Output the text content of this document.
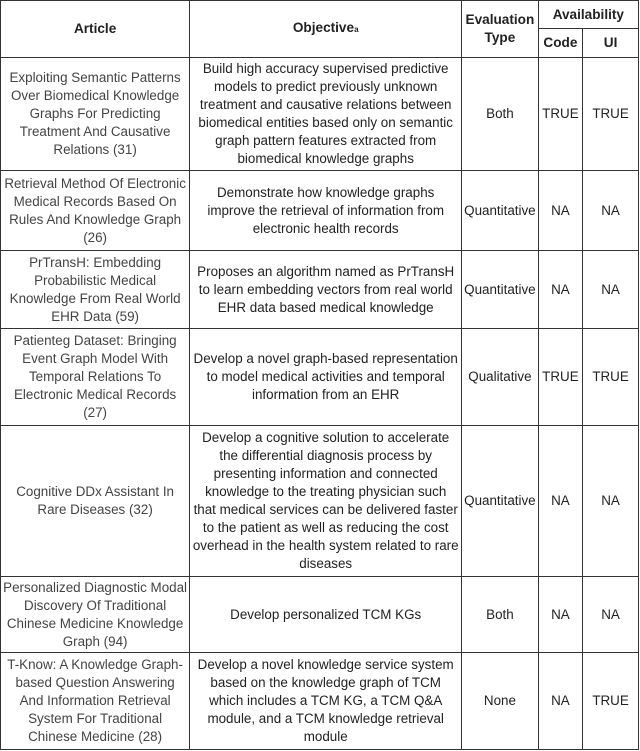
Article	Objectivea	Evaluation Type	Availability	
			Code	UI
Exploiting Semantic Patterns Over Biomedical Knowledge Graphs For Predicting Treatment And Causative Relations (31)	Build high accuracy supervised predictive models to predict previously unknown treatment and causative relations between biomedical entities based only on semantic graph pattern features extracted from biomedical knowledge graphs	Both	TRUE	TRUE
Retrieval Method Of Electronic Medical Records Based On Rules And Knowledge Graph (26)	Demonstrate how knowledge graphs improve the retrieval of information from electronic health records	Quantitative	NA	NA
PrTransH: Embedding Probabilistic Medical Knowledge From Real World EHR Data (59)	Proposes an algorithm named as PrTransH to learn embedding vectors from real world EHR data based medical knowledge	Quantitative	NA	NA
Patienteg Dataset: Bringing Event Graph Model With Temporal Relations To Electronic Medical Records (27)	Develop a novel graph-based representation to model medical activities and temporal information from an EHR	Qualitative	TRUE	TRUE
Cognitive DDx Assistant In Rare Diseases (32)	Develop a cognitive solution to accelerate the differential diagnosis process by presenting information and connected knowledge to the treating physician such that medical services can be delivered faster to the patient as well as reducing the cost overhead in the health system related to rare diseases	Quantitative	NA	NA
Personalized Diagnostic Modal Discovery Of Traditional Chinese Medicine Knowledge Graph (94)	Develop personalized TCM KGs	Both	NA	NA
T-Know: A Knowledge Graph-based Question Answering And Information Retrieval System For Traditional Chinese Medicine (28)	Develop a novel knowledge service system based on the knowledge graph of TCM which includes a TCM KG, a TCM Q&A module, and a TCM knowledge retrieval module	None	NA	TRUE
